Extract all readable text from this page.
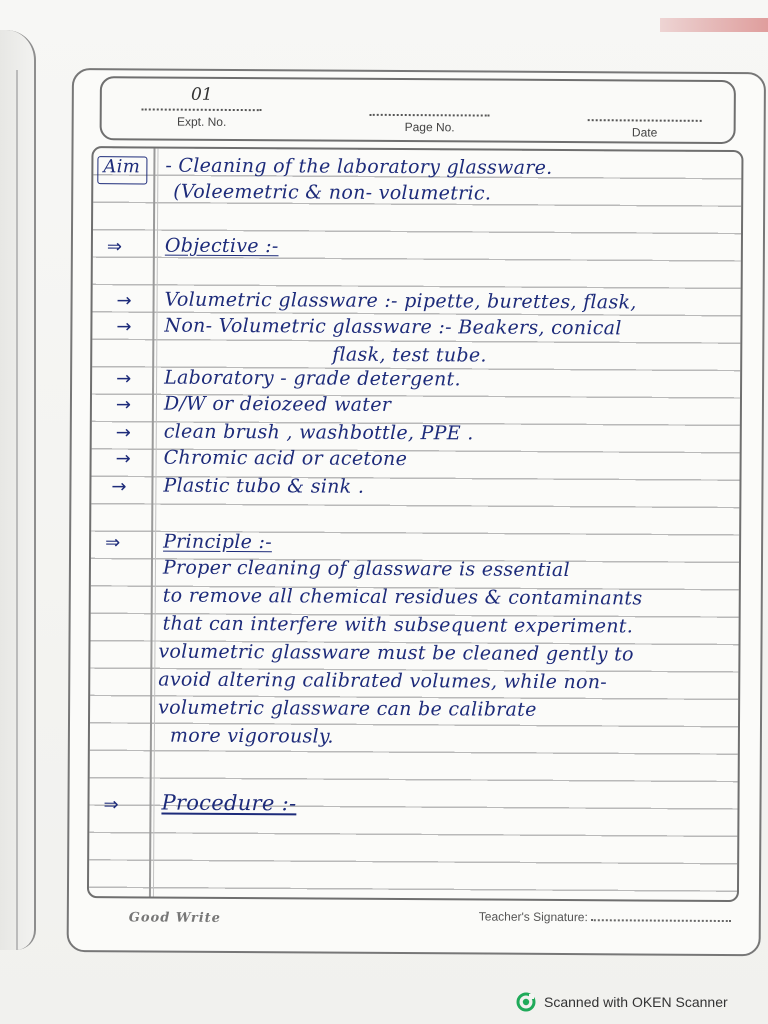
01
Expt. No.	Page No.	Date
Aim - Cleaning of the laboratory glassware.
(Voleemetric & non- volumetric.
⇒ Objective :-
→ Volumetric glassware :- pipette, burettes, flask,
→ Non- Volumetric glassware :- Beakers, conical
flask, test tube.
→ Laboratory - grade detergent.
→ D/W or deiozeed water
→ clean brush , washbottle, PPE .
→ Chromic acid or acetone
→ Plastic tubo & sink .
⇒ Principle :-
Proper cleaning of glassware is essential
to remove all chemical residues & contaminants
that can interfere with subsequent experiment.
volumetric glassware must be cleaned gently to
avoid altering calibrated volumes, while non-
volumetric glassware can be calibrate
more vigorously.
⇒ Procedure :-
Good Write	Teacher's Signature:
Scanned with OKEN Scanner
